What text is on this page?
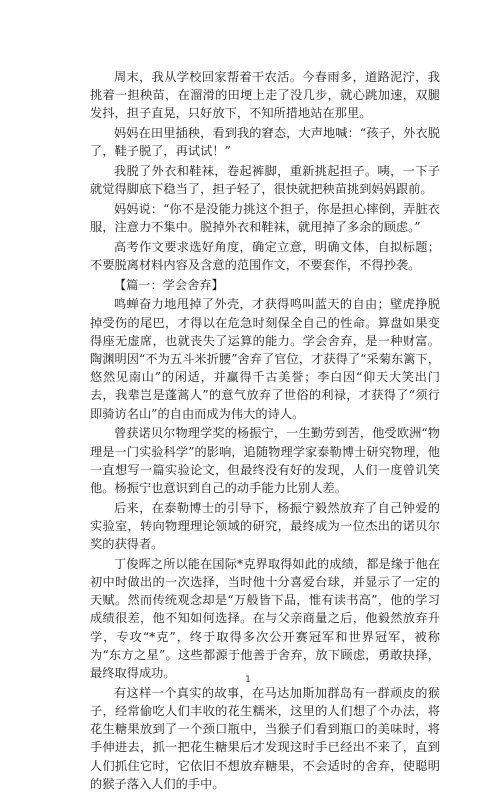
周末，我从学校回家帮着干农活。今春雨多，道路泥泞，我挑着一担秧苗，在溜滑的田埂上走了没几步，就心跳加速，双腿发抖，担子直晃，只好放下，不知所措地站在那里。

妈妈在田里插秧，看到我的窘态，大声地喊：“孩子，外衣脱了，鞋子脱了，再试试！”

我脱了外衣和鞋袜，卷起裤脚，重新挑起担子。咦，一下子就觉得脚底下稳当了，担子轻了，很快就把秧苗挑到妈妈跟前。

妈妈说：“你不是没能力挑这个担子，你是担心摔倒，弄脏衣服，注意力不集中。脱掉外衣和鞋袜，就甩掉了多余的顾虑。”

高考作文要求选好角度，确定立意，明确文体，自拟标题；不要脱离材料内容及含意的范围作文，不要套作，不得抄袭。

【篇一：学会舍弃】

鸣蝉奋力地甩掉了外壳，才获得鸣叫蓝天的自由；壁虎挣脱掉受伤的尾巴，才得以在危急时刻保全自己的性命。算盘如果变得座无虚席，也就丧失了运算的能力。学会舍弃，是一种财富。陶渊明因“不为五斗米折腰”舍弃了官位，才获得了“采菊东篱下，悠然见南山”的闲适，并赢得千古美誉；李白因“仰天大笑出门去，我辈岂是蓬蒿人”的意气放弃了世俗的利禄，才获得了“须行即骑访名山”的自由而成为伟大的诗人。

曾获诺贝尔物理学奖的杨振宁，一生勤劳到苦，他受欧洲“物理是一门实验科学”的影响，追随物理学家泰勒博士研究物理，他一直想写一篇实验论文，但最终没有好的发现，人们一度曾讥笑他。杨振宁也意识到自己的动手能力比别人差。

后来，在泰勒博士的引导下，杨振宁毅然放弃了自己钟爱的实验室，转向物理理论领域的研究，最终成为一位杰出的诺贝尔奖的获得者。

丁俊晖之所以能在国际*克界取得如此的成绩，都是缘于他在初中时做出的一次选择，当时他十分喜爱台球，并显示了一定的天赋。然而传统观念却是“万般皆下品，惟有读书高”，他的学习成绩很差，他不知如何选择。在与父亲商量之后，他毅然放弃升学，专攻“*克”，终于取得多次公开赛冠军和世界冠军，被称为“东方之星”。这些都源于他善于舍弃，放下顾虑，勇敢抉择，最终取得成功。

有这样一个真实的故事，在马达加斯加群岛有一群顽皮的猴子，经常偷吃人们丰收的花生糯米，这里的人们想了个办法，将花生糖果放到了一个颈口瓶中，当猴子们看到瓶口的美味时，将手伸进去，抓一把花生糖果后才发现这时手已经出不来了，直到人们抓住它时，它依旧不想放弃糖果，不会适时的舍弃，使聪明的猴子落入人们的手中。

1
